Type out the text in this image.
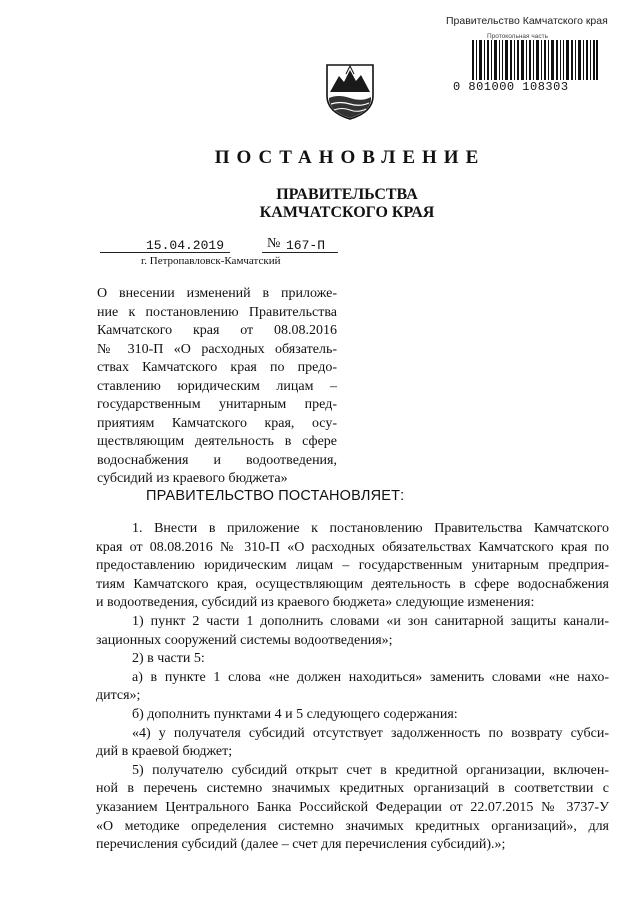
Правительство Камчатского края
Протокольная часть
0 801000 108303
ПОСТАНОВЛЕНИЕ
ПРАВИТЕЛЬСТВА
КАМЧАТСКОГО КРАЯ
15.04.2019	№ 167-П
г. Петропавловск-Камчатский
О внесении изменений в приложе-
ние к постановлению Правительства
Камчатского края от 08.08.2016
№ 310-П «О расходных обязатель-
ствах Камчатского края по предо-
ставлению юридическим лицам –
государственным унитарным пред-
приятиям Камчатского края, осу-
ществляющим деятельность в сфере
водоснабжения и водоотведения,
субсидий из краевого бюджета»
ПРАВИТЕЛЬСТВО ПОСТАНОВЛЯЕТ:
1. Внести в приложение к постановлению Правительства Камчатского
края от 08.08.2016 № 310-П «О расходных обязательствах Камчатского края по
предоставлению юридическим лицам – государственным унитарным предприя-
тиям Камчатского края, осуществляющим деятельность в сфере водоснабжения
и водоотведения, субсидий из краевого бюджета» следующие изменения:
1) пункт 2 части 1 дополнить словами «и зон санитарной защиты канали-
зационных сооружений системы водоотведения»;
2) в части 5:
а) в пункте 1 слова «не должен находиться» заменить словами «не нахо-
дится»;
б) дополнить пунктами 4 и 5 следующего содержания:
«4) у получателя субсидий отсутствует задолженность по возврату субси-
дий в краевой бюджет;
5) получателю субсидий открыт счет в кредитной организации, включен-
ной в перечень системно значимых кредитных организаций в соответствии с
указанием Центрального Банка Российской Федерации от 22.07.2015 № 3737-У
«О методике определения системно значимых кредитных организаций», для
перечисления субсидий (далее – счет для перечисления субсидий).»;
